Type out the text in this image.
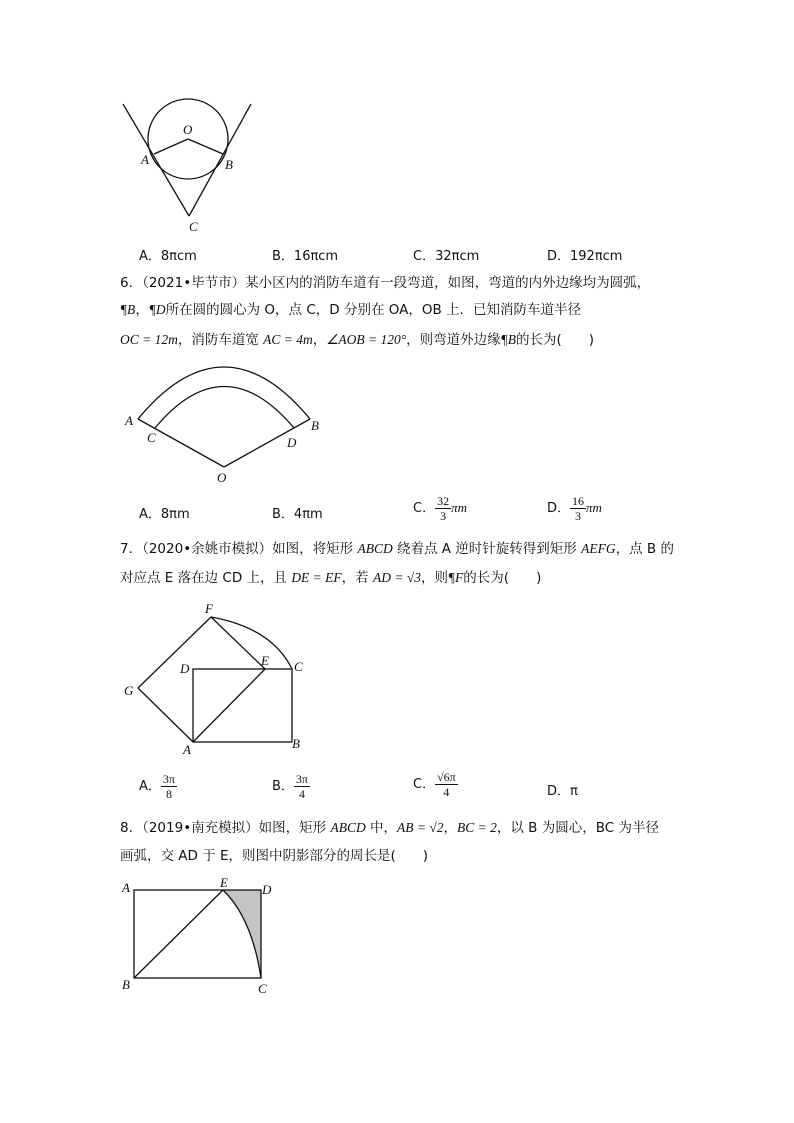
O
A	B
C
A．8πcm	B．16πcm	C．32πcm	D．192πcm
6．（2021•毕节市）某小区内的消防车道有一段弯道，如图，弯道的内外边缘均为圆弧，
¶B，¶D所在圆的圆心为 O，点 C，D 分别在 OA，OB 上．已知消防车道半径
OC = 12m，消防车道宽 AC = 4m，∠AOB = 120°，则弯道外边缘¶B的长为(　　)
A	B
C	D
O
A．8πm	B．4πm	C． $\frac{32}{3}$ πm	D． $\frac{16}{3}$ πm
7．（2020•余姚市模拟）如图，将矩形 ABCD 绕着点 A 逆时针旋转得到矩形 AEFG，点 B 的
对应点 E 落在边 CD 上，且 DE = EF，若 AD = √3，则¶F的长为(　　)
F
D
E C
G
A	B
A． $\frac{3\pi}{8}$	B． $\frac{3\pi}{4}$	C． $\frac{√6\pi}{4}$	D．π
8．（2019•南充模拟）如图，矩形 ABCD 中，AB = √2，BC = 2，以 B 为圆心，BC 为半径
画弧，交 AD 于 E，则图中阴影部分的周长是(　　)
A	E	D
B	C
